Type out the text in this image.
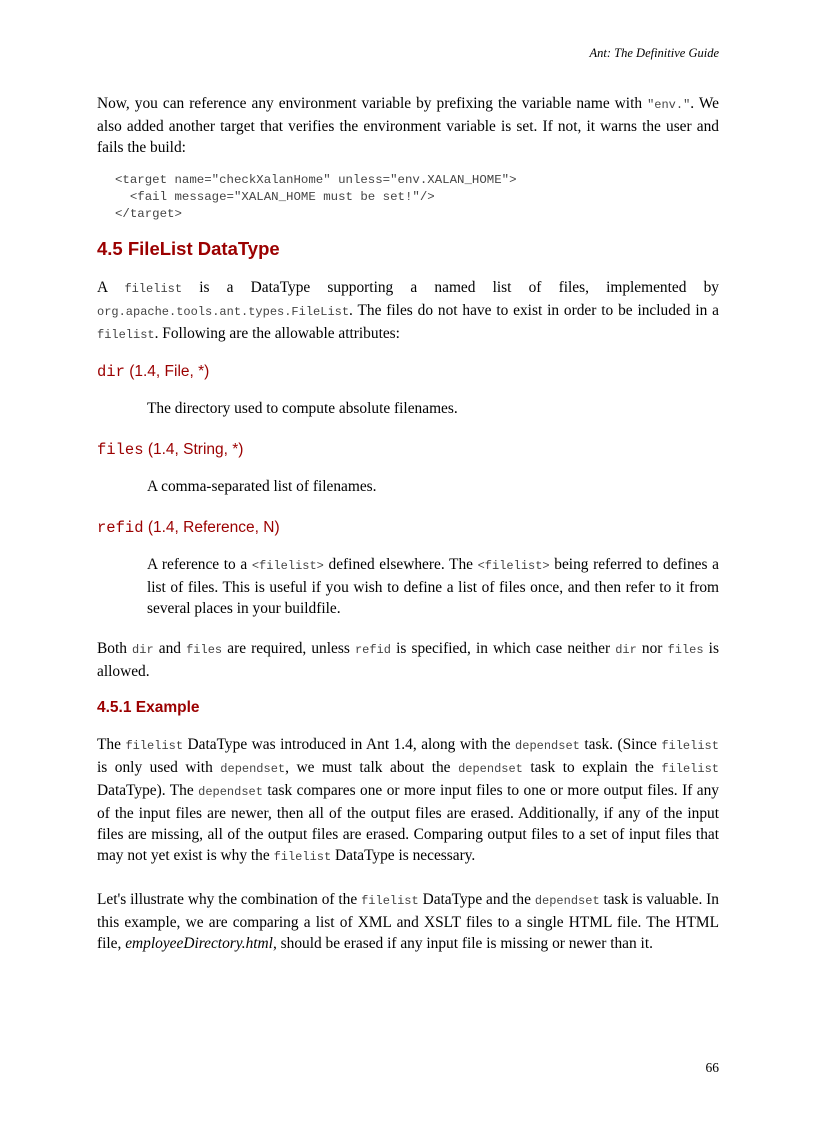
Ant: The Definitive Guide

Now, you can reference any environment variable by prefixing the variable name with "env.". We also added another target that verifies the environment variable is set. If not, it warns the user and fails the build:

<target name="checkXalanHome" unless="env.XALAN_HOME">
<fail message="XALAN_HOME must be set!"/>
</target>
4.5 FileList DataType

A filelist is a DataType supporting a named list of files, implemented by org.apache.tools.ant.types.FileList. The files do not have to exist in order to be included in a filelist. Following are the allowable attributes:

dir (1.4, File, *)

The directory used to compute absolute filenames.

files (1.4, String, *)

A comma-separated list of filenames.

refid (1.4, Reference, N)

A reference to a <filelist> defined elsewhere. The <filelist> being referred to defines a list of files. This is useful if you wish to define a list of files once, and then refer to it from several places in your buildfile.

Both dir and files are required, unless refid is specified, in which case neither dir nor files is allowed.

4.5.1 Example

The filelist DataType was introduced in Ant 1.4, along with the dependset task. (Since filelist is only used with dependset, we must talk about the dependset task to explain the filelist DataType). The dependset task compares one or more input files to one or more output files. If any of the input files are newer, then all of the output files are erased. Additionally, if any of the input files are missing, all of the output files are erased. Comparing output files to a set of input files that may not yet exist is why the filelist DataType is necessary.

Let's illustrate why the combination of the filelist DataType and the dependset task is valuable. In this example, we are comparing a list of XML and XSLT files to a single HTML file. The HTML file, employeeDirectory.html, should be erased if any input file is missing or newer than it.

66
